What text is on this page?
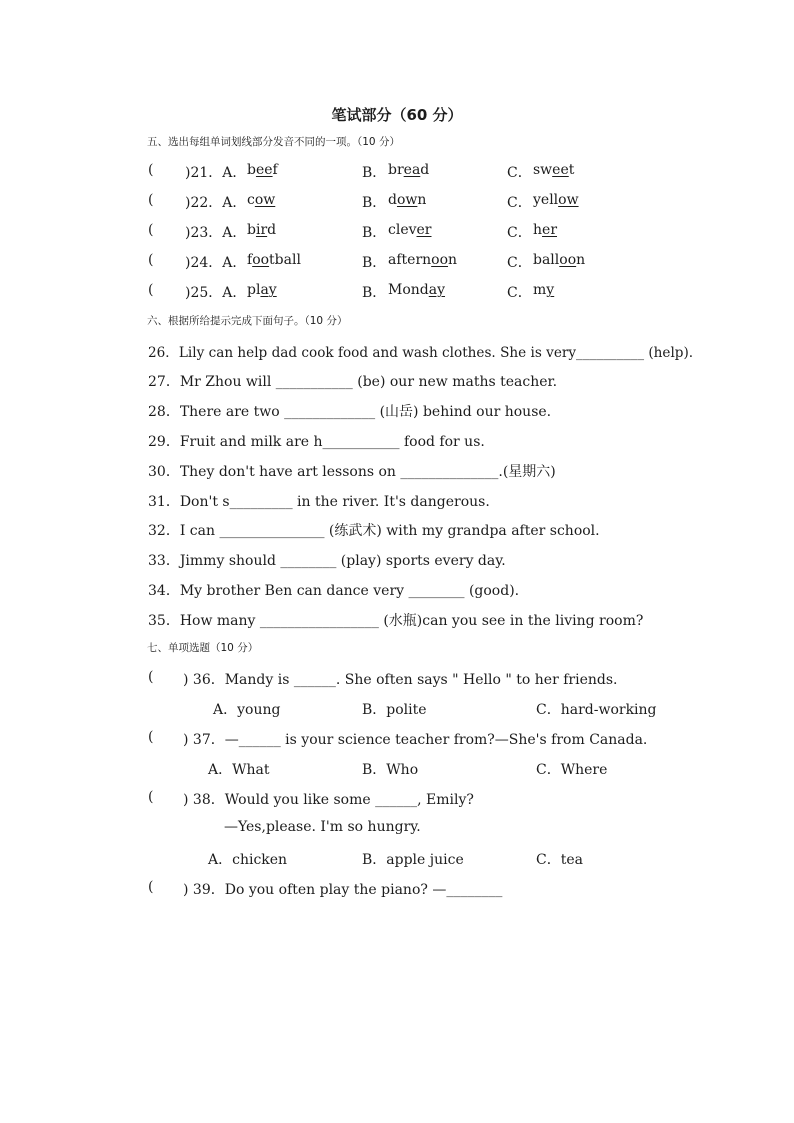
笔试部分（60 分）
五、选出每组单词划线部分发音不同的一项。（10 分）
( )21．A． beef	B． bread	C． sweet
( )22．A． cow	B． down	C． yellow
( )23．A． bird	B． clever	C． her
( )24．A． football	B． afternoon	C． balloon
( )25．A． play	B． Monday	C． my
六、根据所给提示完成下面句子。（10 分）
26．Lily can help dad cook food and wash clothes. She is very__________ (help).
27．Mr Zhou will ___________ (be) our new maths teacher.
28．There are two _____________ (山岳) behind our house.
29．Fruit and milk are h___________ food for us.
30．They don't have art lessons on ______________.(星期六)
31．Don't s_________ in the river. It's dangerous.
32．I can _______________ (练武术) with my grandpa after school.
33．Jimmy should ________ (play) sports every day.
34．My brother Ben can dance very ________ (good).
35．How many _________________ (水瓶)can you see in the living room?
七、单项选题（10 分）
( ) 36．Mandy is ______. She often says " Hello " to her friends.
A．young	B．polite	C．hard-working
( ) 37．—______ is your science teacher from?—She's from Canada.
A．What	B．Who	C．Where
( ) 38．Would you like some ______, Emily?
—Yes,please. I'm so hungry.
A．chicken	B．apple juice	C．tea
( ) 39．Do you often play the piano? —________
